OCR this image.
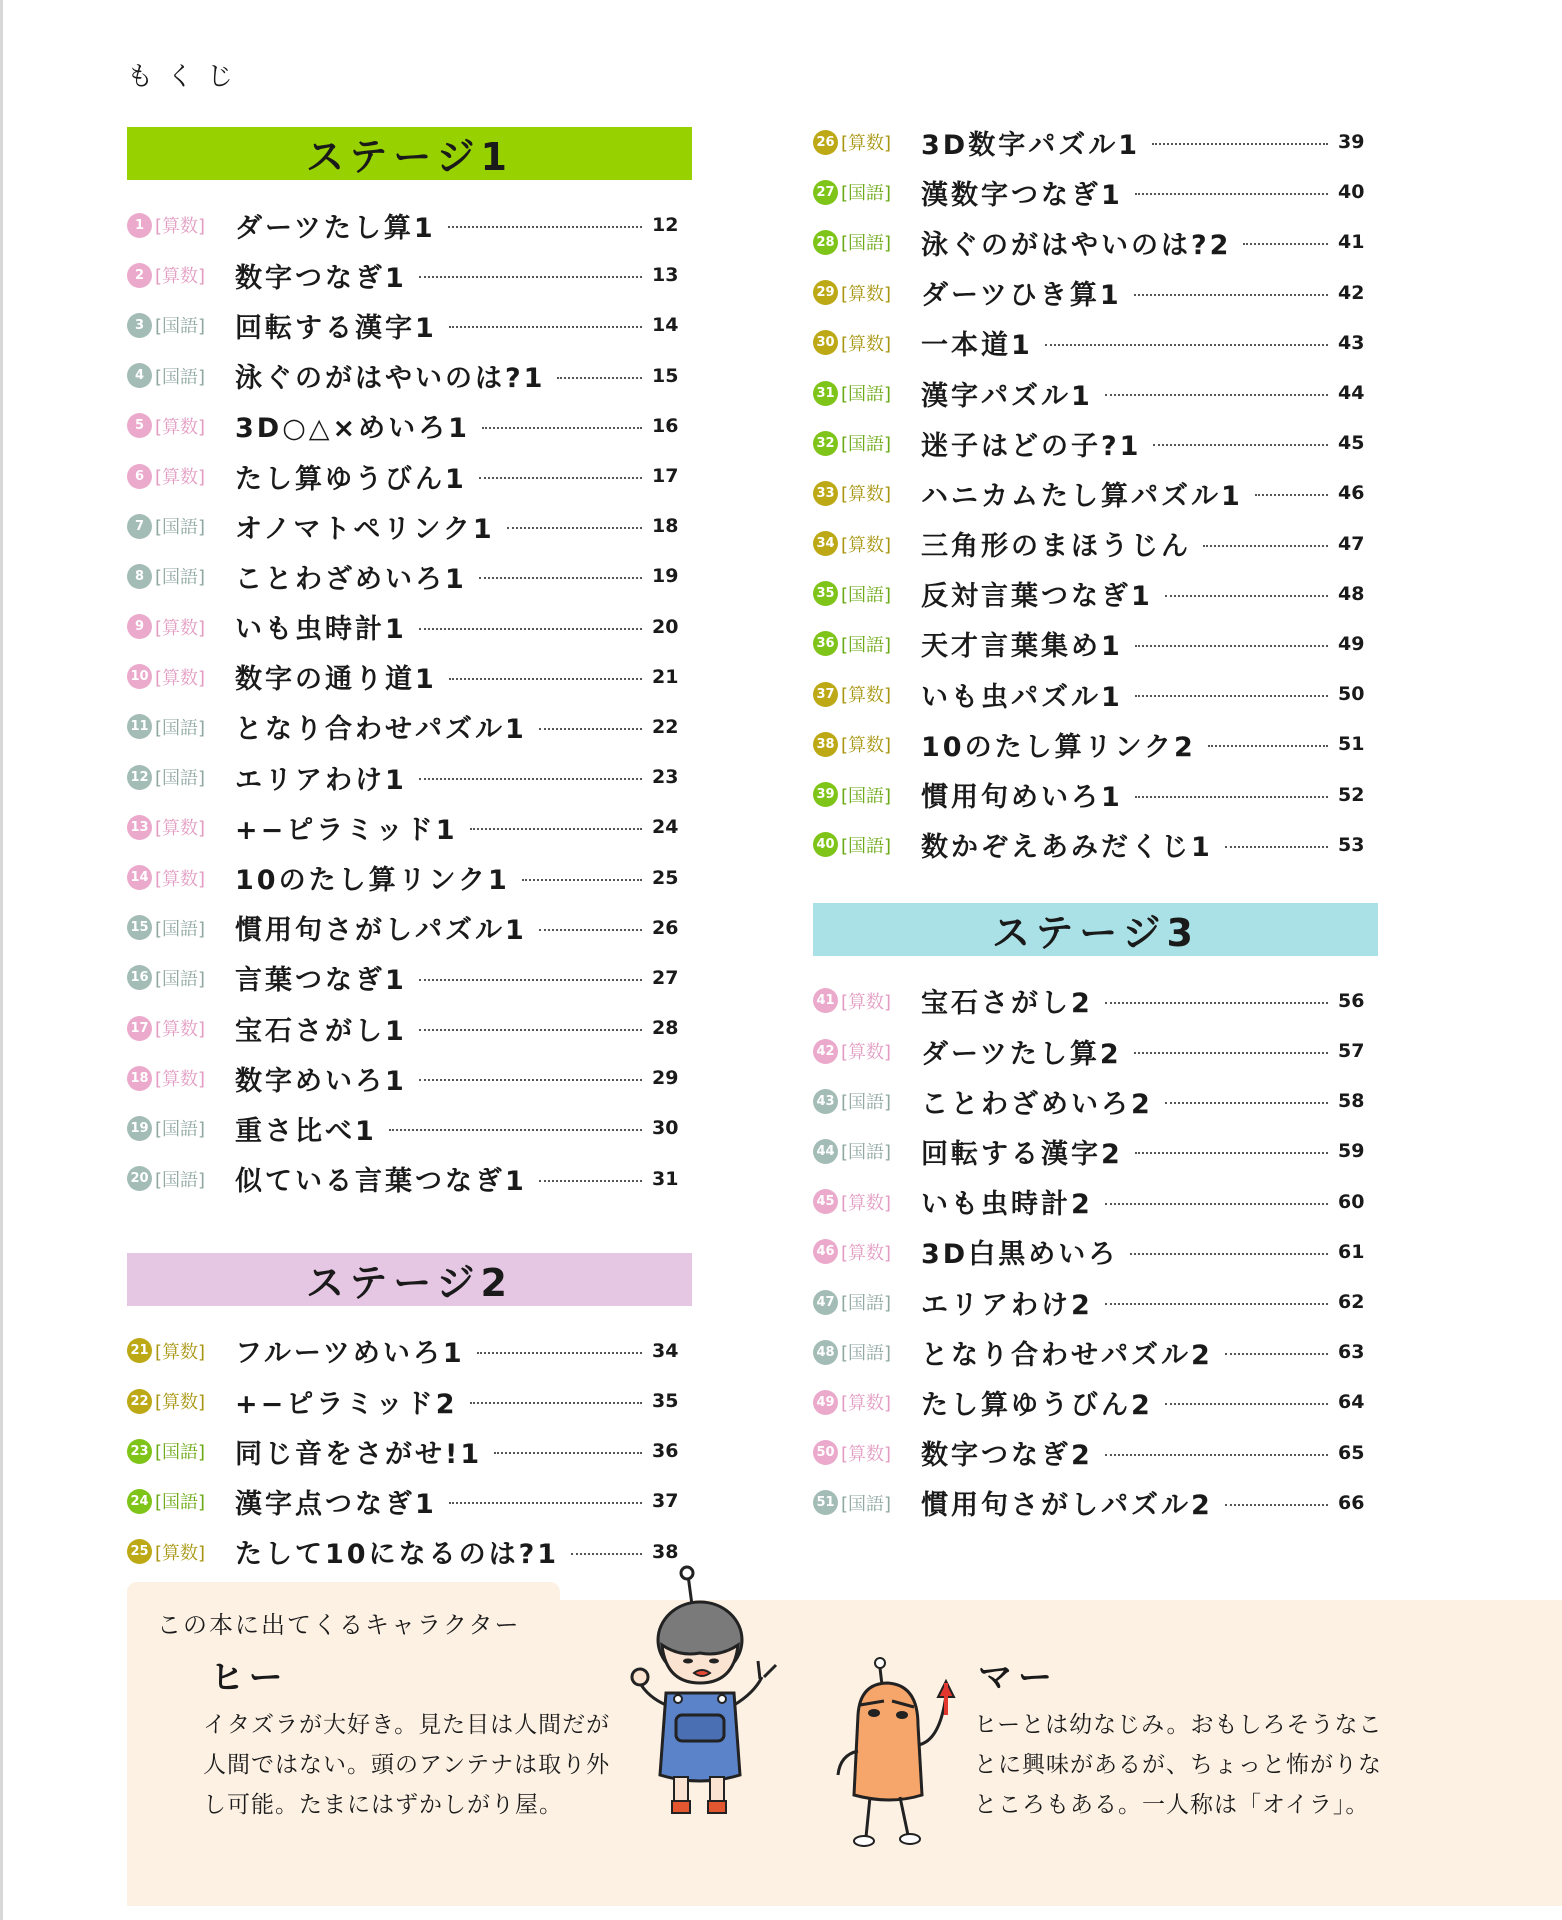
もくじ
ステージ1
1 [算数]	ダーツたし算1	12
2 [算数]	数字つなぎ1	13
3 [国語]	回転する漢字1	14
4 [国語]	泳ぐのがはやいのは?1	15
5 [算数]	3D○△×めいろ1	16
6 [算数]	たし算ゆうびん1	17
7 [国語]	オノマトペリンク1	18
8 [国語]	ことわざめいろ1	19
9 [算数]	いも虫時計1	20
10 [算数]	数字の通り道1	21
11 [国語]	となり合わせパズル1	22
12 [国語]	エリアわけ1	23
13 [算数]	+−ピラミッド1	24
14 [算数]	10のたし算リンク1	25
15 [国語]	慣用句さがしパズル1	26
16 [国語]	言葉つなぎ1	27
17 [算数]	宝石さがし1	28
18 [算数]	数字めいろ1	29
19 [国語]	重さ比べ1	30
20 [国語]	似ている言葉つなぎ1	31
ステージ2
21 [算数]	フルーツめいろ1	34
22 [算数]	+−ピラミッド2	35
23 [国語]	同じ音をさがせ!1	36
24 [国語]	漢字点つなぎ1	37
25 [算数]	たして10になるのは?1	38
26 [算数]	3D数字パズル1	39
27 [国語]	漢数字つなぎ1	40
28 [国語]	泳ぐのがはやいのは?2	41
29 [算数]	ダーツひき算1	42
30 [算数]	一本道1	43
31 [国語]	漢字パズル1	44
32 [国語]	迷子はどの子?1	45
33 [算数]	ハニカムたし算パズル1	46
34 [算数]	三角形のまほうじん	47
35 [国語]	反対言葉つなぎ1	48
36 [国語]	天才言葉集め1	49
37 [算数]	いも虫パズル1	50
38 [算数]	10のたし算リンク2	51
39 [国語]	慣用句めいろ1	52
40 [国語]	数かぞえあみだくじ1	53
ステージ3
41 [算数]	宝石さがし2	56
42 [算数]	ダーツたし算2	57
43 [国語]	ことわざめいろ2	58
44 [国語]	回転する漢字2	59
45 [算数]	いも虫時計2	60
46 [算数]	3D白黒めいろ	61
47 [国語]	エリアわけ2	62
48 [国語]	となり合わせパズル2	63
49 [算数]	たし算ゆうびん2	64
50 [算数]	数字つなぎ2	65
51 [国語]	慣用句さがしパズル2	66
この本に出てくるキャラクター
ヒー
イタズラが大好き。見た目は人間だが
人間ではない。頭のアンテナは取り外
し可能。たまにはずかしがり屋。
マー
ヒーとは幼なじみ。おもしろそうなこ
とに興味があるが、ちょっと怖がりな
ところもある。一人称は「オイラ」。
